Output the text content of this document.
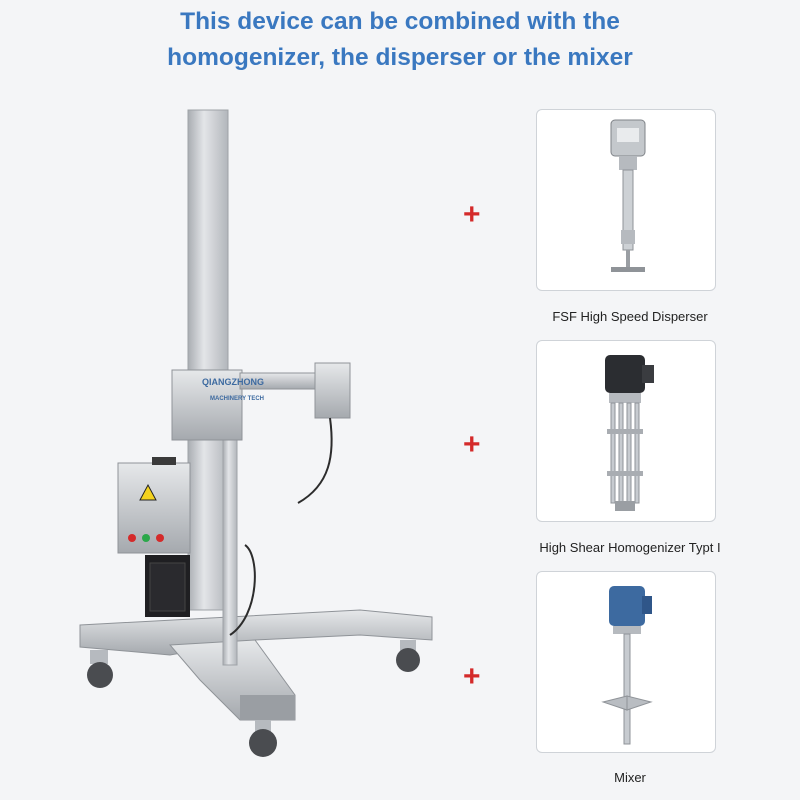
This device can be combined with the
homogenizer, the disperser or the mixer
QIANGZHONG
MACHINERY TECH
+
+
+
FSF High Speed Disperser
High Shear Homogenizer Typt I
Mixer
